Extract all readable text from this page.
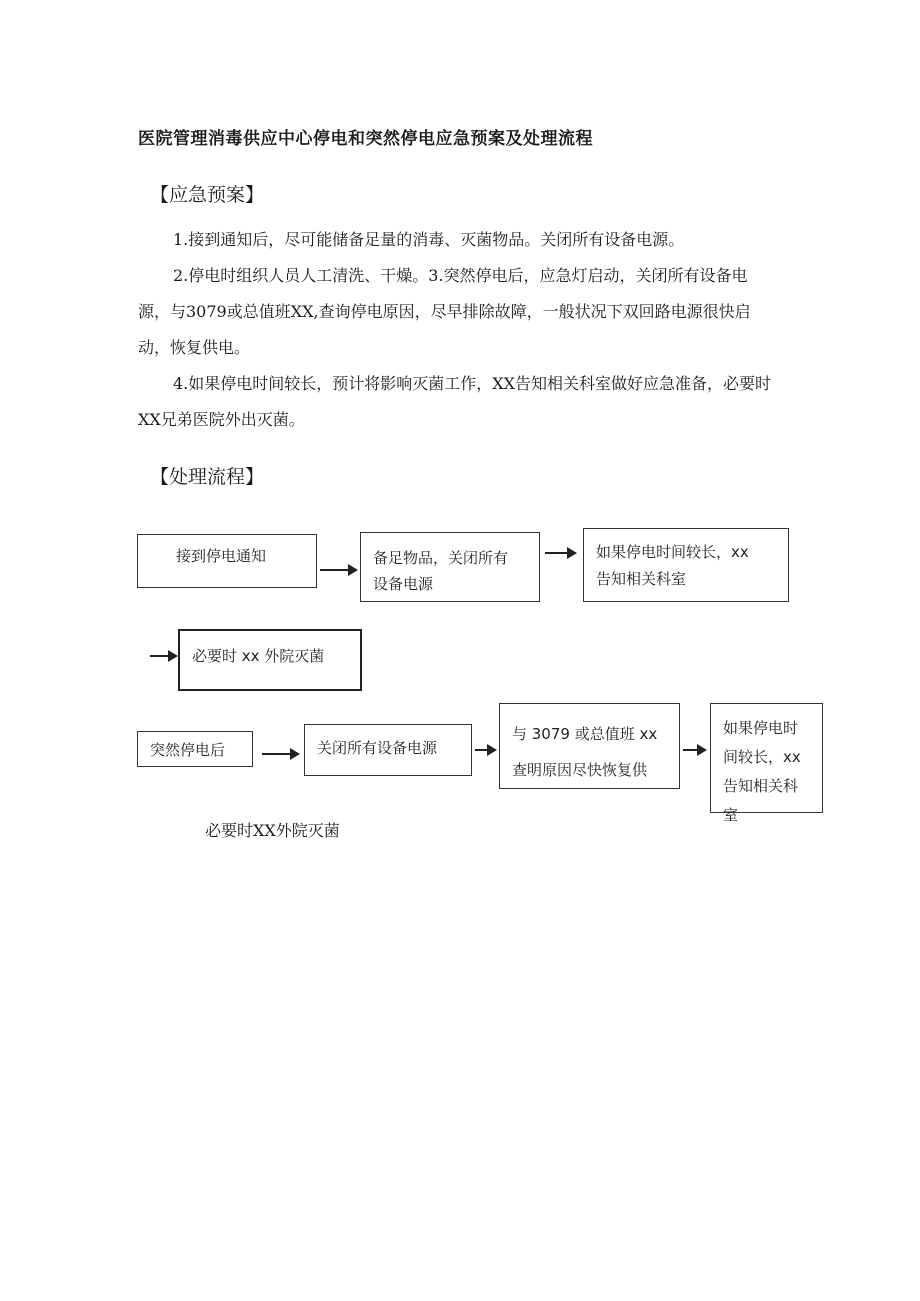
医院管理消毒供应中心停电和突然停电应急预案及处理流程
【应急预案】

1.接到通知后，尽可能储备足量的消毒、灭菌物品。关闭所有设备电源。

2.停电时组织人员人工清洗、干燥。3.突然停电后，应急灯启动，关闭所有设备电源，与3079或总值班XX,查询停电原因，尽早排除故障，一般状况下双回路电源很快启动，恢复供电。

4.如果停电时间较长，预计将影响灭菌工作，XX告知相关科室做好应急准备，必要时XX兄弟医院外出灭菌。

【处理流程】
接到停电通知	备足物品，关闭所有
设备电源
如果停电时间较长，xx
告知相关科室
必要时 xx 外院灭菌
突然停电后	关闭所有设备电源
与 3079 或总值班 xx
查明原因尽快恢复供
如果停电时
间较长，xx
告知相关科
室
必要时XX外院灭菌
